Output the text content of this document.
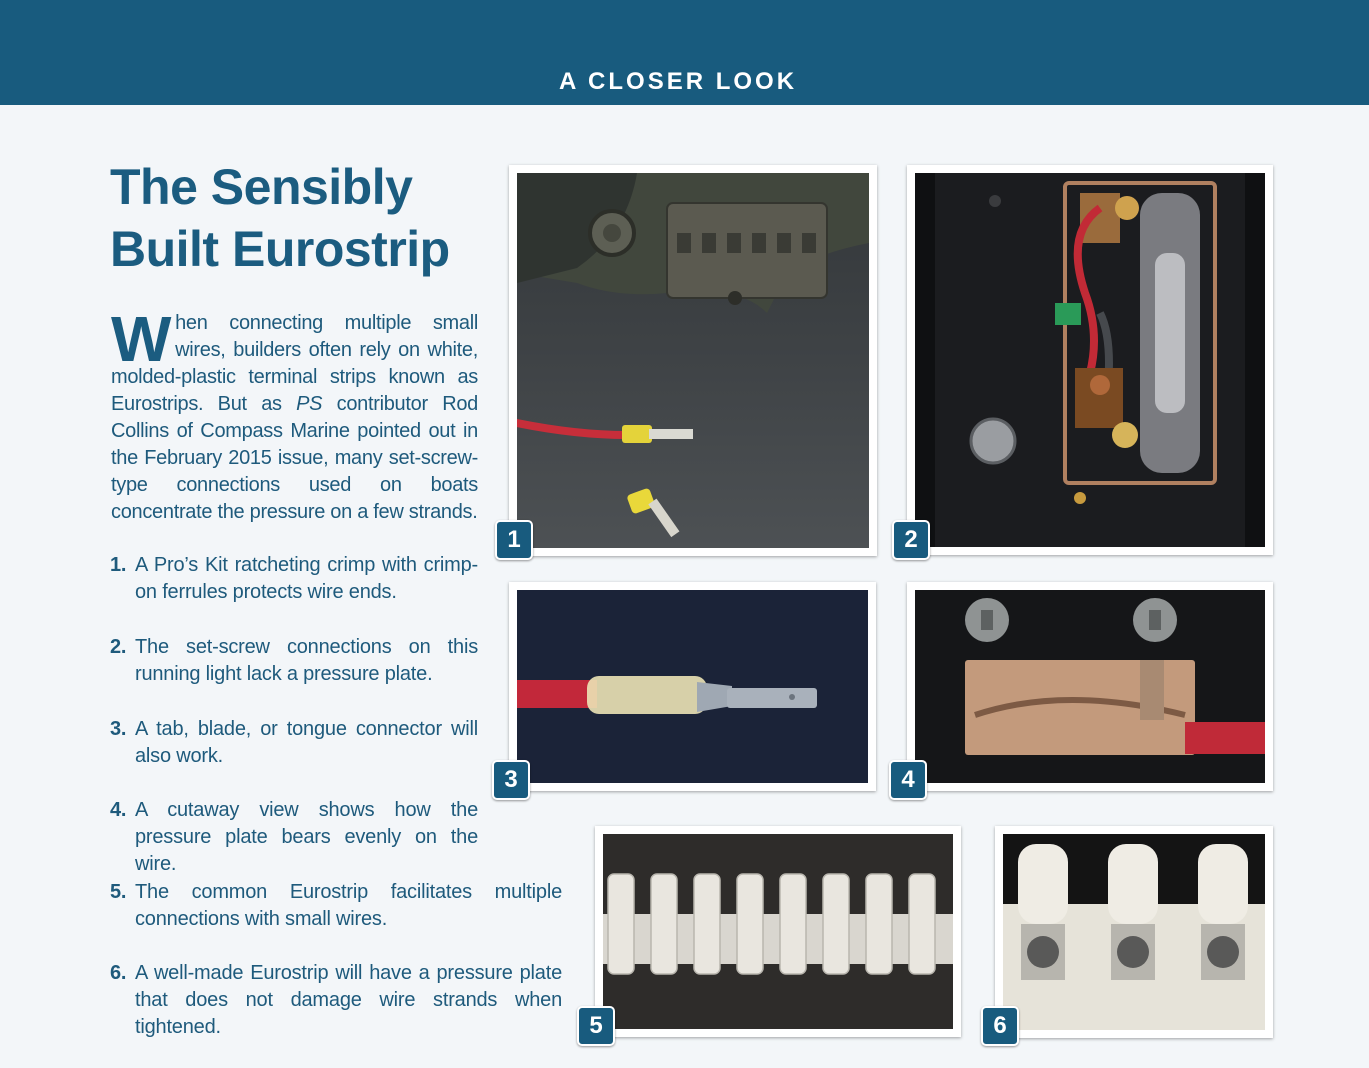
A CLOSER LOOK
The Sensibly Built Eurostrip

When connecting multiple small wires, builders often rely on white, molded-plastic terminal strips known as Eurostrips. But as PS contributor Rod Collins of Compass Marine pointed out in the February 2015 issue, many set-screw-type connections used on boats concentrate the pressure on a few strands.

1. A Pro’s Kit ratcheting crimp with crimp-on ferrules protects wire ends.
2. The set-screw connections on this running light lack a pressure plate.
3. A tab, blade, or tongue connector will also work.
4. A cutaway view shows how the pressure plate bears evenly on the wire.
5. The common Eurostrip facilitates multiple connections with small wires.
6. A well-made Eurostrip will have a pressure plate that does not damage wire strands when tightened.
1	2
3	4
5	6
